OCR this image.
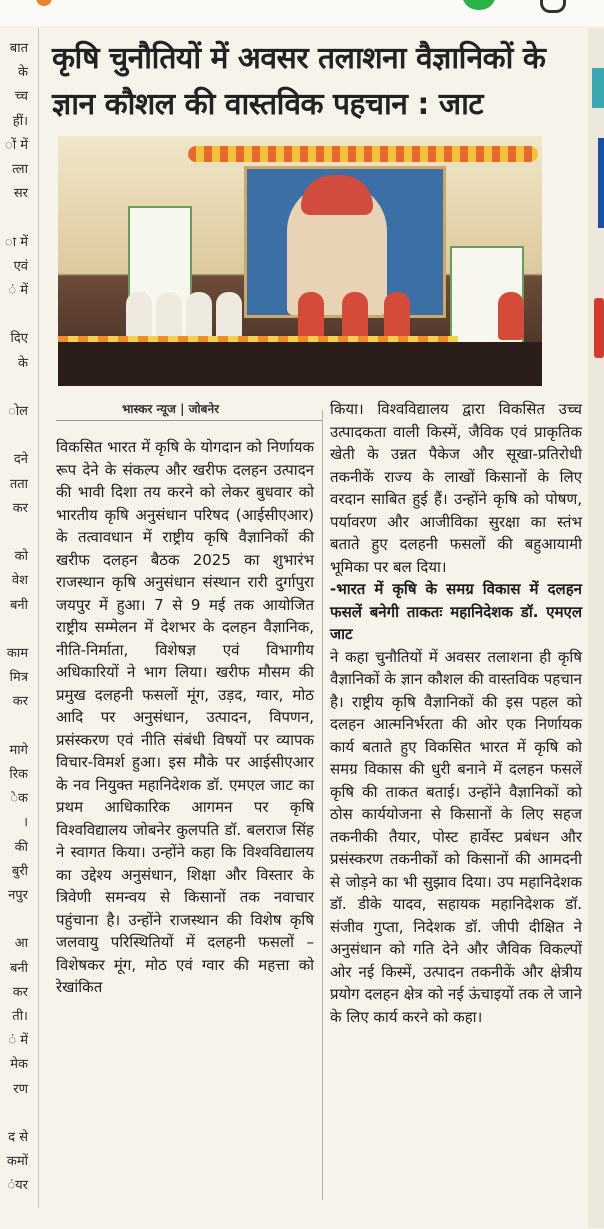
बात
के
च्च
हीं।
ों में
त्ला
सर
ा में
एवं
ं में
दिए
के
ोल
दने
तता
कर
को
वेश
बनी
काम
मित्र
कर
मागे
रिक
ेक
।
की
बुरी
नपुर
आ
बनी
कर
ती।
ं में
मेक
रण
द से
कमों
ंयर
कृषि चुनौतियों में अवसर तलाशना वैज्ञानिकों के ज्ञान कौशल की वास्तविक पहचान : जाट
भास्कर न्यूज | जोबनेर

विकसित भारत में कृषि के योगदान को निर्णायक रूप देने के संकल्प और खरीफ दलहन उत्पादन की भावी दिशा तय करने को लेकर बुधवार को भारतीय कृषि अनुसंधान परिषद (आईसीएआर) के तत्वावधान में राष्ट्रीय कृषि वैज्ञानिकों की खरीफ दलहन बैठक 2025 का शुभारंभ राजस्थान कृषि अनुसंधान संस्थान रारी दुर्गापुरा जयपुर में हुआ। 7 से 9 मई तक आयोजित राष्ट्रीय सम्मेलन में देशभर के दलहन वैज्ञानिक, नीति-निर्माता, विशेषज्ञ एवं विभागीय अधिकारियों ने भाग लिया। खरीफ मौसम की प्रमुख दलहनी फसलों मूंग, उड़द, ग्वार, मोठ आदि पर अनुसंधान, उत्पादन, विपणन, प्रसंस्करण एवं नीति संबंधी विषयों पर व्यापक विचार-विमर्श हुआ। इस मौके पर आईसीएआर के नव नियुक्त महानिदेशक डॉ. एमएल जाट का प्रथम आधिकारिक आगमन पर कृषि विश्वविद्यालय जोबनेर कुलपति डॉ. बलराज सिंह ने स्वागत किया। उन्होंने कहा कि विश्वविद्यालय का उद्देश्य अनुसंधान, शिक्षा और विस्तार के त्रिवेणी समन्वय से किसानों तक नवाचार पहुंचाना है। उन्होंने राजस्थान की विशेष कृषि जलवायु परिस्थितियों में दलहनी फसलों – विशेषकर मूंग, मोठ एवं ग्वार की महत्ता को रेखांकित

किया। विश्वविद्यालय द्वारा विकसित उच्च उत्पादकता वाली किस्में, जैविक एवं प्राकृतिक खेती के उन्नत पैकेज और सूखा-प्रतिरोधी तकनीकें राज्य के लाखों किसानों के लिए वरदान साबित हुई हैं। उन्होंने कृषि को पोषण, पर्यावरण और आजीविका सुरक्षा का स्तंभ बताते हुए दलहनी फसलों की बहुआयामी भूमिका पर बल दिया।

-भारत में कृषि के समग्र विकास में दलहन फसलें बनेगी ताकतः महानिदेशक डॉ. एमएल जाट

ने कहा चुनौतियों में अवसर तलाशना ही कृषि वैज्ञानिकों के ज्ञान कौशल की वास्तविक पहचान है। राष्ट्रीय कृषि वैज्ञानिकों की इस पहल को दलहन आत्मनिर्भरता की ओर एक निर्णायक कार्य बताते हुए विकसित भारत में कृषि को समग्र विकास की धुरी बनाने में दलहन फसलें कृषि की ताकत बताई। उन्होंने वैज्ञानिकों को ठोस कार्ययोजना से किसानों के लिए सहज तकनीकी तैयार, पोस्ट हार्वेस्ट प्रबंधन और प्रसंस्करण तकनीकों को किसानों की आमदनी से जोड़ने का भी सुझाव दिया। उप महानिदेशक डॉ. डीके यादव, सहायक महानिदेशक डॉ. संजीव गुप्ता, निदेशक डॉ. जीपी दीक्षित ने अनुसंधान को गति देने और जैविक विकल्पों ओर नई किस्में, उत्पादन तकनीकें और क्षेत्रीय प्रयोग दलहन क्षेत्र को नई ऊंचाइयों तक ले जाने के लिए कार्य करने को कहा।
